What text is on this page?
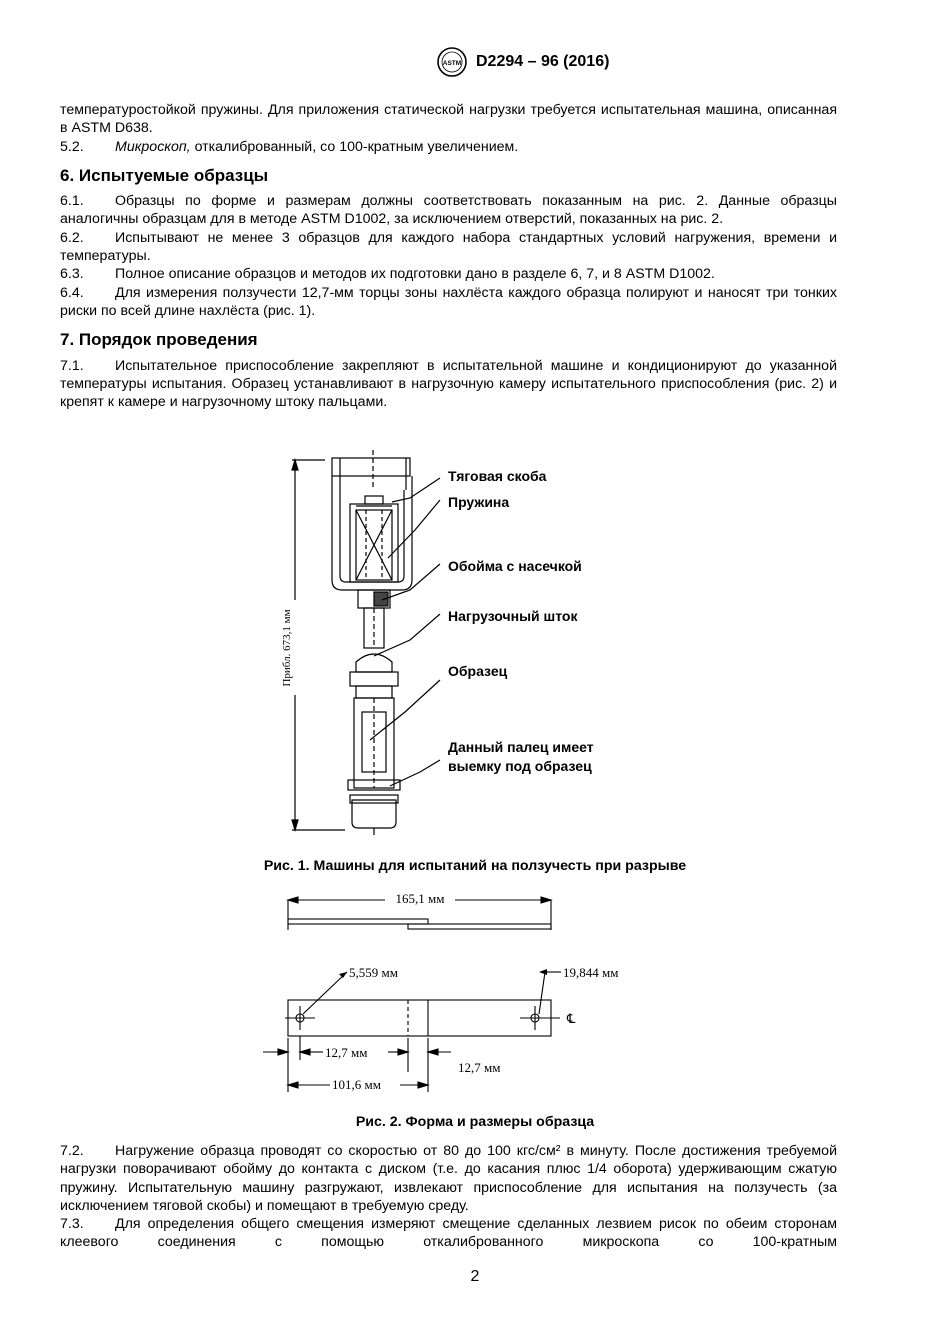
ASTM D2294 – 96 (2016)

температуростойкой пружины. Для приложения статической нагрузки требуется испытательная машина, описанная в ASTM D638.

5.2. Микроскоп, откалиброванный, со 100-кратным увеличением.

6. Испытуемые образцы

6.1. Образцы по форме и размерам должны соответствовать показанным на рис. 2. Данные образцы аналогичны образцам для в методе ASTM D1002, за исключением отверстий, показанных на рис. 2.

6.2. Испытывают не менее 3 образцов для каждого набора стандартных условий нагружения, времени и температуры.

6.3. Полное описание образцов и методов их подготовки дано в разделе 6, 7, и 8 ASTM D1002.

6.4. Для измерения ползучести 12,7-мм торцы зоны нахлёста каждого образца полируют и наносят три тонких риски по всей длине нахлёста (рис. 1).

7. Порядок проведения

7.1. Испытательное приспособление закрепляют в испытательной машине и кондиционируют до указанной температуры испытания. Образец устанавливают в нагрузочную камеру испытательного приспособления (рис. 2) и крепят к камере и нагрузочному штоку пальцами.

Прибл. 673,1 мм
Тяговая скоба
Пружина
Обойма с насечкой
Нагрузочный шток
Образец
Данный палец имеет
выемку под образец
Рис. 1. Машины для испытаний на ползучесть при разрыве
165,1 мм
5,559 мм	19,844 мм
℄
12,7 мм
12,7 мм
101,6 мм
Рис. 2. Форма и размеры образца

7.2. Нагружение образца проводят со скоростью от 80 до 100 кгс/см² в минуту. После достижения требуемой нагрузки поворачивают обойму до контакта с диском (т.е. до касания плюс 1/4 оборота) удерживающим сжатую пружину. Испытательную машину разгружают, извлекают приспособление для испытания на ползучесть (за исключением тяговой скобы) и помещают в требуемую среду.

7.3. Для определения общего смещения измеряют смещение сделанных лезвием рисок по обеим сторонам клеевого соединения с помощью откалиброванного микроскопа со 100-кратным

2
